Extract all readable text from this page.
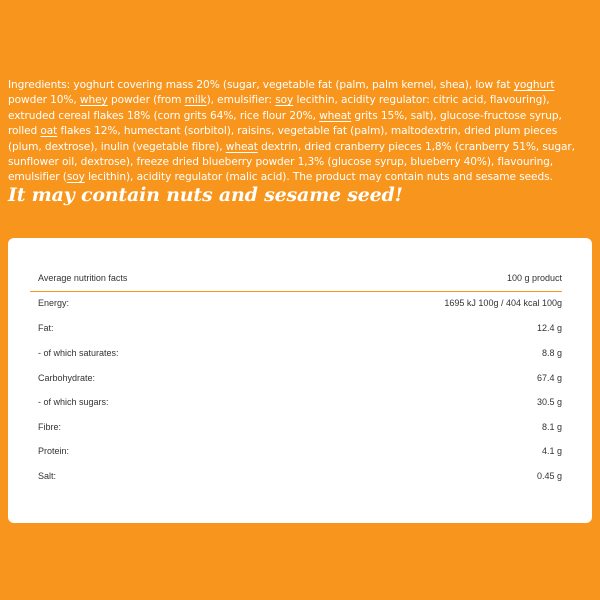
Ingredients: yoghurt covering mass 20% (sugar, vegetable fat (palm, palm kernel, shea), low fat yoghurt powder 10%, whey powder (from milk), emulsifier: soy lecithin, acidity regulator: citric acid, flavouring), extruded cereal flakes 18% (corn grits 64%, rice flour 20%, wheat grits 15%, salt), glucose-fructose syrup, rolled oat flakes 12%, humectant (sorbitol), raisins, vegetable fat (palm), maltodextrin, dried plum pieces (plum, dextrose), inulin (vegetable fibre), wheat dextrin, dried cranberry pieces 1,8% (cranberry 51%, sugar, sunflower oil, dextrose), freeze dried blueberry powder 1,3% (glucose syrup, blueberry 40%), flavouring, emulsifier (soy lecithin), acidity regulator (malic acid). The product may contain nuts and sesame seeds.
It may contain nuts and sesame seed!
Average nutrition facts	100 g product
Energy:	1695 kJ 100g / 404 kcal 100g
Fat:	12.4 g
- of which saturates:	8.8 g
Carbohydrate:	67.4 g
- of which sugars:	30.5 g
Fibre:	8.1 g
Protein:	4.1 g
Salt:	0.45 g
